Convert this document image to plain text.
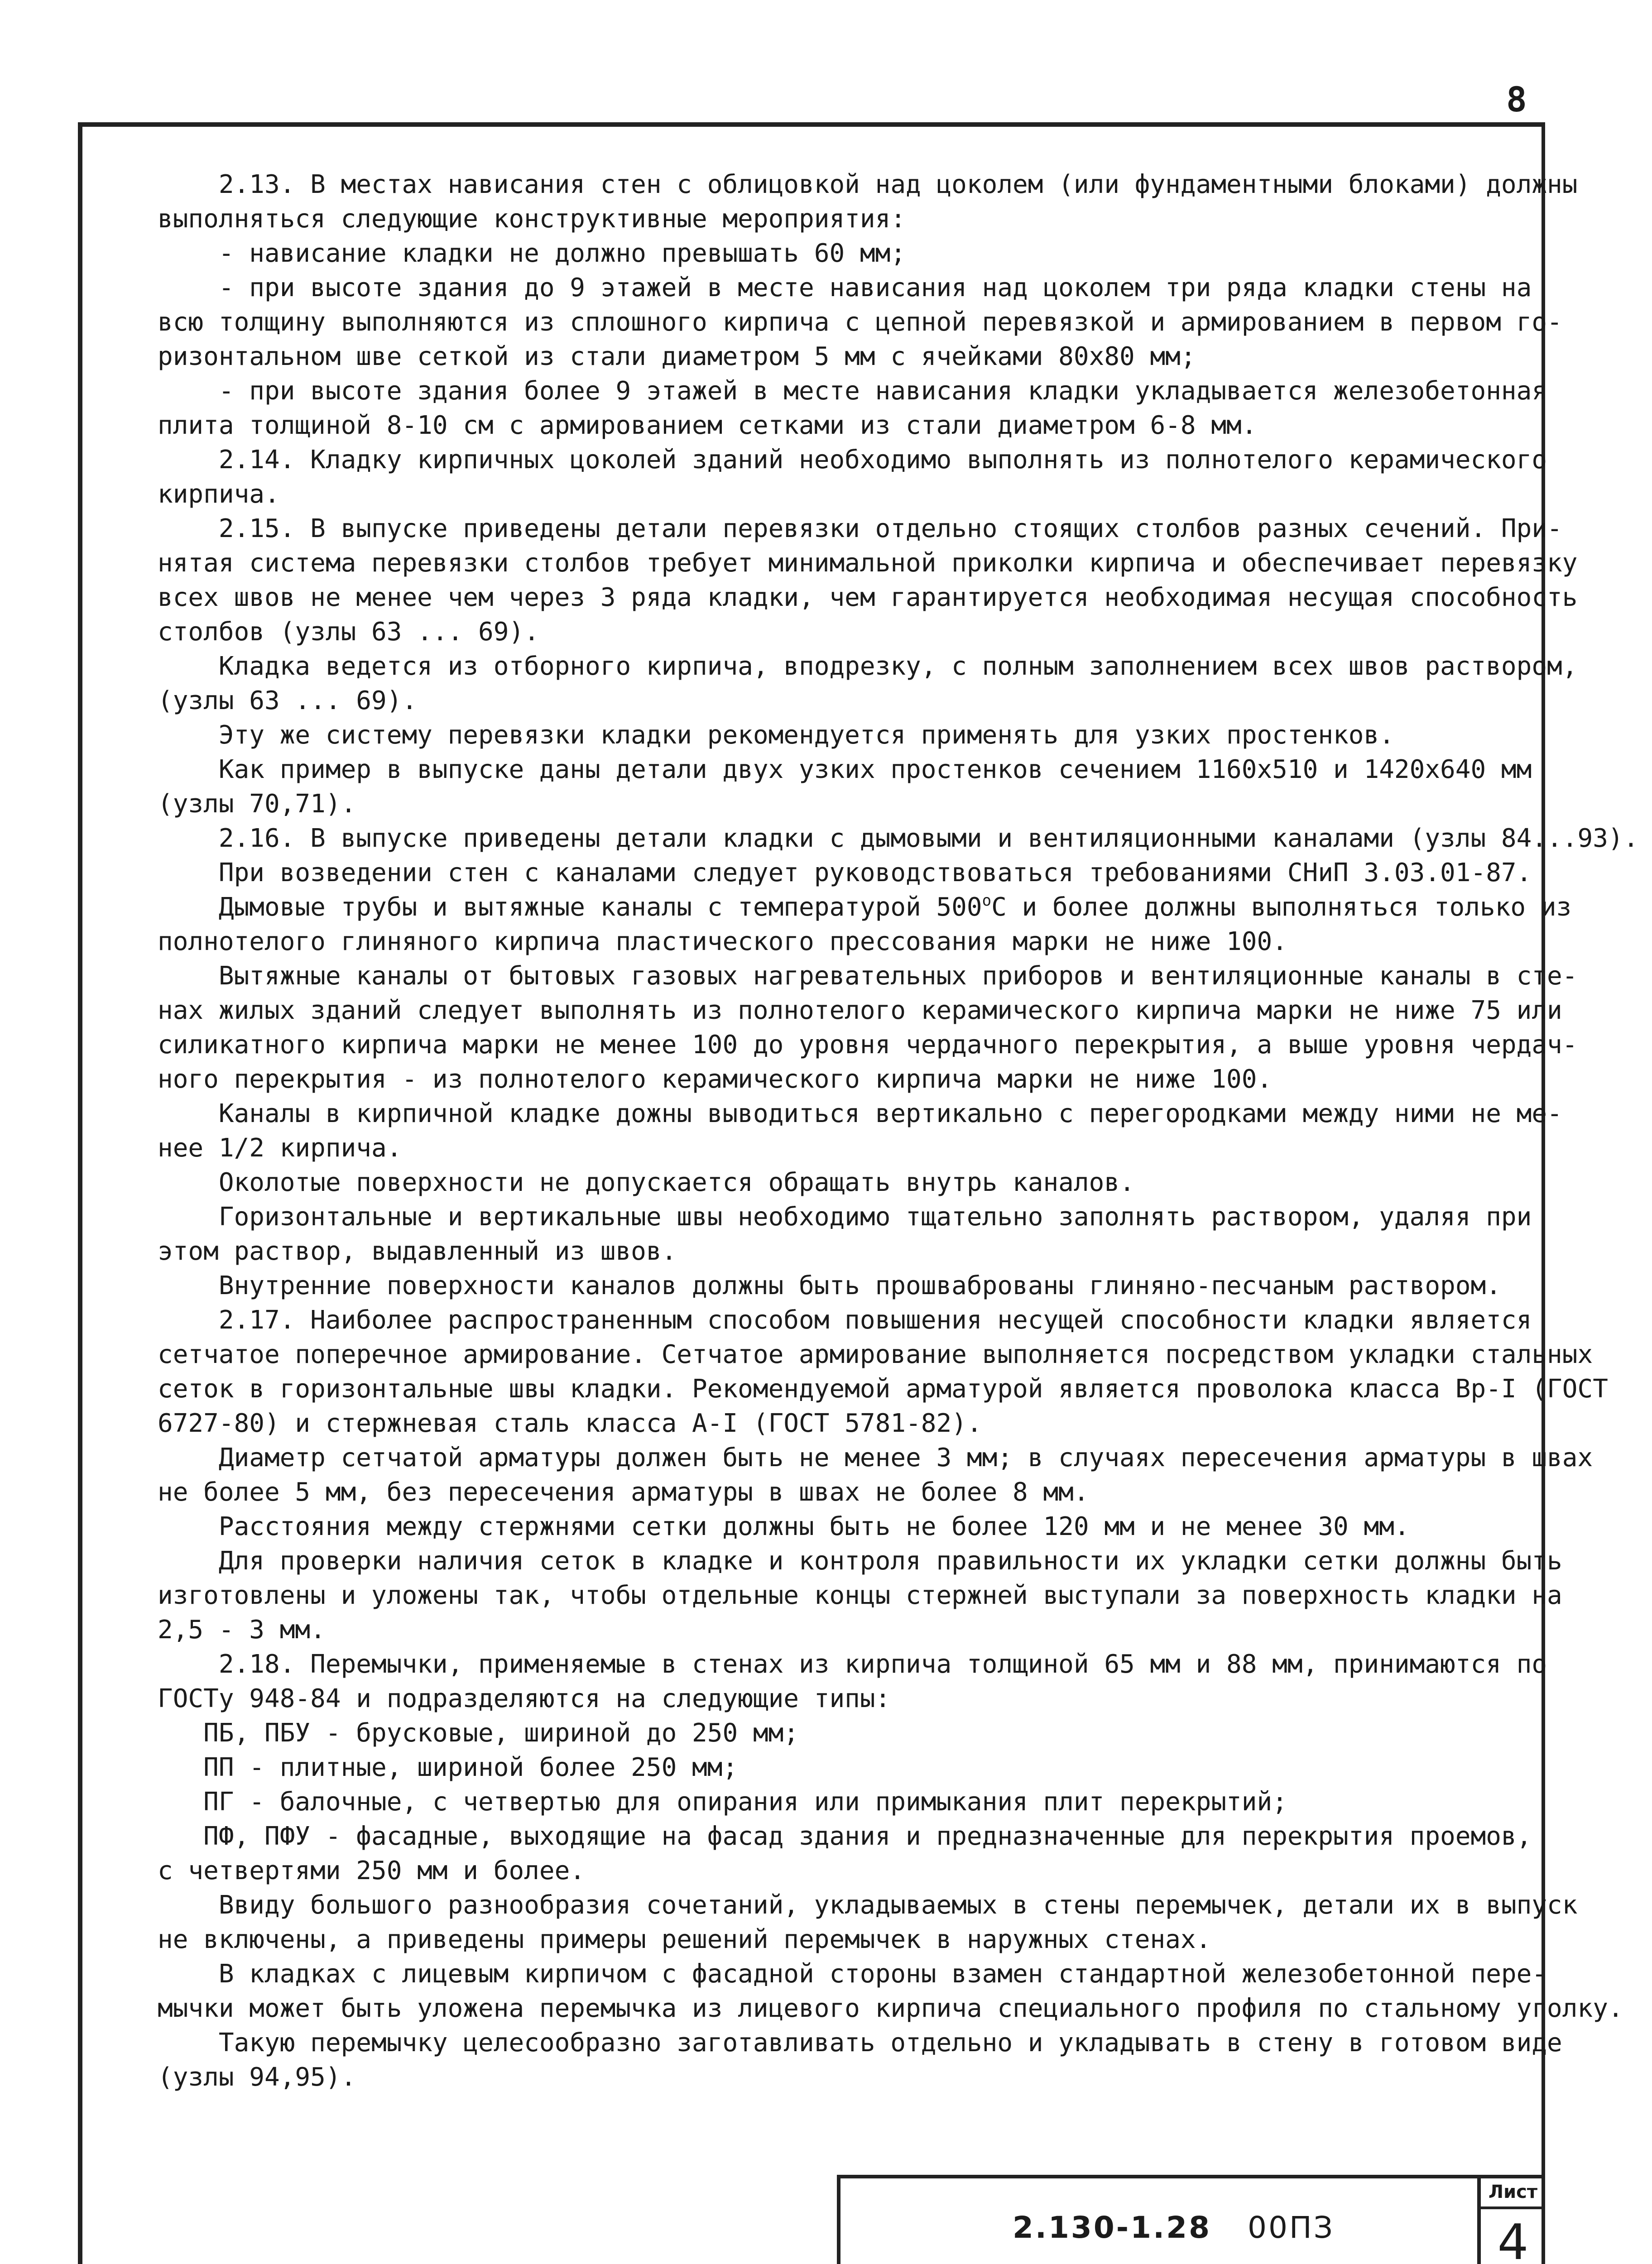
8
2.13. В местах нависания стен с облицовкой над цоколем (или фундаментными блоками) должны
выполняться следующие конструктивные мероприятия:
- нависание кладки не должно превышать 60 мм;
- при высоте здания до 9 этажей в месте нависания над цоколем три ряда кладки стены на
всю толщину выполняются из сплошного кирпича с цепной перевязкой и армированием в первом го-
ризонтальном шве сеткой из стали диаметром 5 мм с ячейками 80х80 мм;
- при высоте здания более 9 этажей в месте нависания кладки укладывается железобетонная
плита толщиной 8-10 см с армированием сетками из стали диаметром 6-8 мм.
2.14. Кладку кирпичных цоколей зданий необходимо выполнять из полнотелого керамического
кирпича.
2.15. В выпуске приведены детали перевязки отдельно стоящих столбов разных сечений. При-
нятая система перевязки столбов требует минимальной приколки кирпича и обеспечивает перевязку
всех швов не менее чем через 3 ряда кладки, чем гарантируется необходимая несущая способность
столбов (узлы 63 ... 69).
Кладка ведется из отборного кирпича, вподрезку, с полным заполнением всех швов раствором,
(узлы 63 ... 69).
Эту же систему перевязки кладки рекомендуется применять для узких простенков.
Как пример в выпуске даны детали двух узких простенков сечением 1160х510 и 1420х640 мм
(узлы 70,71).
2.16. В выпуске приведены детали кладки с дымовыми и вентиляционными каналами (узлы 84...93).
При возведении стен с каналами следует руководствоваться требованиями СНиП 3.03.01-87.
Дымовые трубы и вытяжные каналы с температурой $500^оС$ и более должны выполняться только из
полнотелого глиняного кирпича пластического прессования марки не ниже 100.
Вытяжные каналы от бытовых газовых нагревательных приборов и вентиляционные каналы в сте-
нах жилых зданий следует выполнять из полнотелого керамического кирпича марки не ниже 75 или
силикатного кирпича марки не менее 100 до уровня чердачного перекрытия, а выше уровня чердач-
ного перекрытия - из полнотелого керамического кирпича марки не ниже 100.
Каналы в кирпичной кладке дожны выводиться вертикально с перегородками между ними не ме-
нее 1/2 кирпича.
Околотые поверхности не допускается обращать внутрь каналов.
Горизонтальные и вертикальные швы необходимо тщательно заполнять раствором, удаляя при
этом раствор, выдавленный из швов.
Внутренние поверхности каналов должны быть прошваброваны глиняно-песчаным раствором.
2.17. Наиболее распространенным способом повышения несущей способности кладки является
сетчатое поперечное армирование. Сетчатое армирование выполняется посредством укладки стальных
сеток в горизонтальные швы кладки. Рекомендуемой арматурой является проволока класса Вр-I (ГОСТ
6727-80) и стержневая сталь класса А-I (ГОСТ 5781-82).
Диаметр сетчатой арматуры должен быть не менее 3 мм; в случаях пересечения арматуры в швах
не более 5 мм, без пересечения арматуры в швах не более 8 мм.
Расстояния между стержнями сетки должны быть не более 120 мм и не менее 30 мм.
Для проверки наличия сеток в кладке и контроля правильности их укладки сетки должны быть
изготовлены и уложены так, чтобы отдельные концы стержней выступали за поверхность кладки на
2,5 - 3 мм.
2.18. Перемычки, применяемые в стенах из кирпича толщиной 65 мм и 88 мм, принимаются по
ГОСТу 948-84 и подразделяются на следующие типы:
ПБ, ПБУ - брусковые, шириной до 250 мм;
ПП - плитные, шириной более 250 мм;
ПГ - балочные, с четвертью для опирания или примыкания плит перекрытий;
ПФ, ПФУ - фасадные, выходящие на фасад здания и предназначенные для перекрытия проемов,
с четвертями 250 мм и более.
Ввиду большого разнообразия сочетаний, укладываемых в стены перемычек, детали их в выпуск
не включены, а приведены примеры решений перемычек в наружных стенах.
В кладках с лицевым кирпичом с фасадной стороны взамен стандартной железобетонной пере-
мычки может быть уложена перемычка из лицевого кирпича специального профиля по стальному уголку.
Такую перемычку целесообразно заготавливать отдельно и укладывать в стену в готовом виде
(узлы 94,95).
2.130-1.28 00ПЗ
Лист
4
